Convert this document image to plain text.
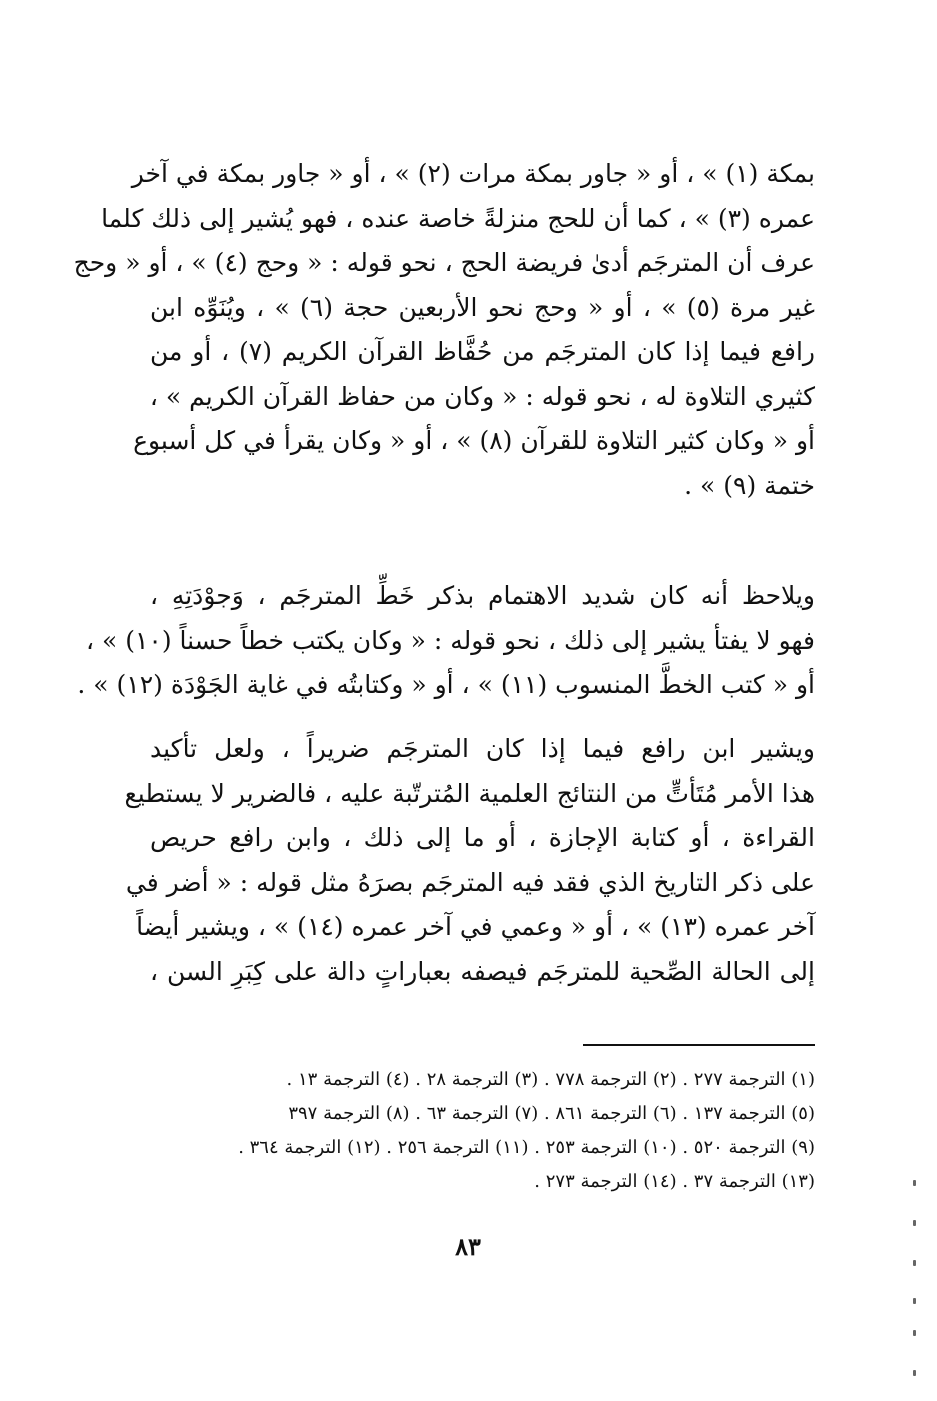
بمكة (١) » ، أو « جاور بمكة مرات (٢) » ، أو « جاور بمكة في آخر
عمره (٣) » ، كما أن للحج منزلةً خاصة عنده ، فهو يُشير إلى ذلك كلما
عرف أن المترجَم أدىٰ فريضة الحج ، نحو قوله : « وحج (٤) » ، أو « وحج
غير مرة (٥) » ، أو « وحج نحو الأربعين حجة (٦) » ، ويُنَوِّه ابن
رافع فيما إذا كان المترجَم من حُفَّاظ القرآن الكريم (٧) ، أو من
كثيري التلاوة له ، نحو قوله : « وكان من حفاظ القرآن الكريم » ،
أو « وكان كثير التلاوة للقرآن (٨) » ، أو « وكان يقرأ في كل أسبوع
ختمة (٩) » .
ويلاحظ أنه كان شديد الاهتمام بذكر خَطِّ المترجَم ، وَجوْدَتِهِ ،
فهو لا يفتأ يشير إلى ذلك ، نحو قوله : « وكان يكتب خطاً حسناً (١٠) » ،
أو « كتب الخطَّ المنسوب (١١) » ، أو « وكتابتُه في غاية الجَوْدَة (١٢) » .
ويشير ابن رافع فيما إذا كان المترجَم ضريراً ، ولعل تأكيد
هذا الأمر مُتَأتٍّ من النتائج العلمية المُترتّبة عليه ، فالضرير لا يستطيع
القراءة ، أو كتابة الإجازة ، أو ما إلى ذلك ، وابن رافع حريص
على ذكر التاريخ الذي فقد فيه المترجَم بصرَهُ مثل قوله : « أضر في
آخر عمره (١٣) » ، أو « وعمي في آخر عمره (١٤) » ، ويشير أيضاً
إلى الحالة الصِّحية للمترجَم فيصفه بعباراتٍ دالة على كِبَرِ السن ،
(١) الترجمة ٢٧٧ . (٢) الترجمة ٧٧٨ . (٣) الترجمة ٢٨ . (٤) الترجمة ١٣ .
(٥) الترجمة ١٣٧ . (٦) الترجمة ٨٦١ . (٧) الترجمة ٦٣ . (٨) الترجمة ٣٩٧
(٩) الترجمة ٥٢٠ . (١٠) الترجمة ٢٥٣ . (١١) الترجمة ٢٥٦ . (١٢) الترجمة ٣٦٤ .
(١٣) الترجمة ٣٧ . (١٤) الترجمة ٢٧٣ .
٨٣
